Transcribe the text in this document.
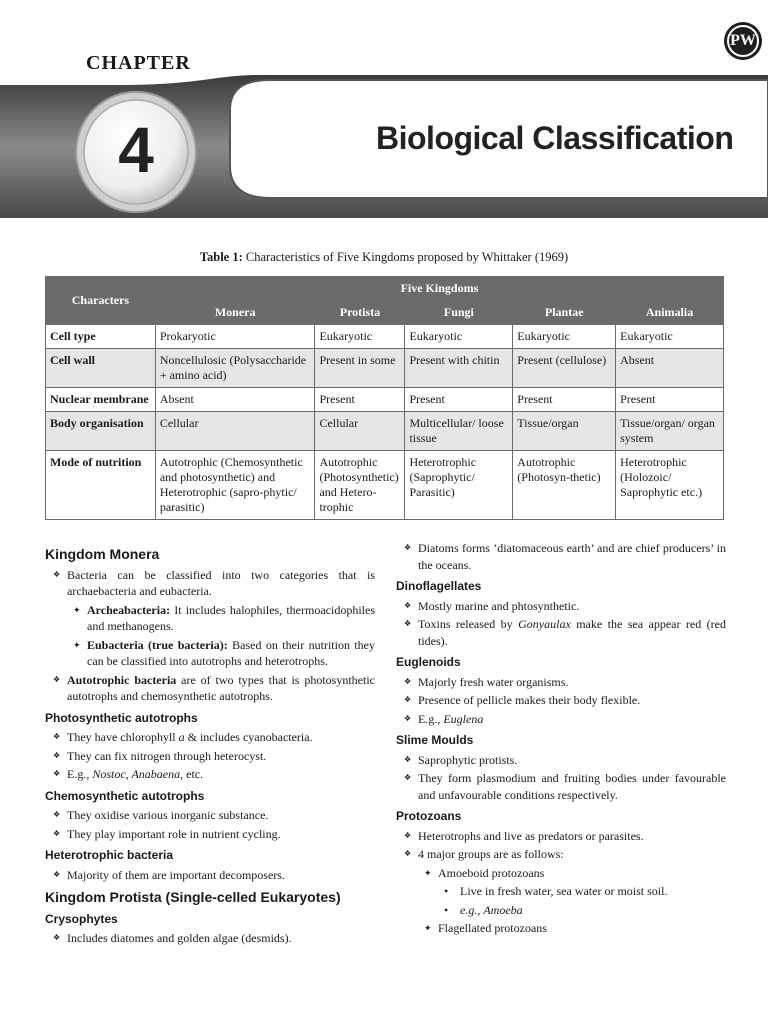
CHAPTER
PW
4	Biological Classification
Table 1: Characteristics of Five Kingdoms proposed by Whittaker (1969)
Characters	Five Kingdoms				
	Monera	Protista	Fungi	Plantae	Animalia
Cell type	Prokaryotic	Eukaryotic	Eukaryotic	Eukaryotic	Eukaryotic
Cell wall	Noncellulosic (Polysaccharide + amino acid)	Present in some	Present with chitin	Present (cellulose)	Absent
Nuclear membrane	Absent	Present	Present	Present	Present
Body organisation	Cellular	Cellular	Multicellular/ loose tissue	Tissue/organ	Tissue/organ/ organ system
Mode of nutrition	Autotrophic (Chemosynthetic and photosynthetic) and Heterotrophic (sapro-phytic/ parasitic)	Autotrophic (Photosynthetic) and Hetero-trophic	Heterotrophic (Saprophytic/ Parasitic)	Autotrophic (Photosyn-thetic)	Heterotrophic (Holozoic/ Saprophytic etc.)
Kingdom Monera
❖ Bacteria can be classified into two categories that is archaebacteria and eubacteria.
✦ Archeabacteria: It includes halophiles, thermoacidophiles and methanogens.
✦ Eubacteria (true bacteria): Based on their nutrition they can be classified into autotrophs and heterotrophs.
❖ Autotrophic bacteria are of two types that is photosynthetic autotrophs and chemosynthetic autotrophs.
Photosynthetic autotrophs
❖ They have chlorophyll a & includes cyanobacteria.
❖ They can fix nitrogen through heterocyst.
❖ E.g., Nostoc, Anabaena, etc.
Chemosynthetic autotrophs
❖ They oxidise various inorganic substance.
❖ They play important role in nutrient cycling.
Heterotrophic bacteria
❖ Majority of them are important decomposers.
Kingdom Protista (Single-celled Eukaryotes)
Crysophytes
❖ Includes diatomes and golden algae (desmids).
❖ Diatoms forms ’diatomaceous earth’ and are chief producers’ in the oceans.
Dinoflagellates
❖ Mostly marine and phtosynthetic.
❖ Toxins released by Gonyaulax make the sea appear red (red tides).
Euglenoids
❖ Majorly fresh water organisms.
❖ Presence of pellicle makes their body flexible.
❖ E.g., Euglena
Slime Moulds
❖ Saprophytic protists.
❖ They form plasmodium and fruiting bodies under favourable and unfavourable conditions respectively.
Protozoans
❖ Heterotrophs and live as predators or parasites.
❖ 4 major groups are as follows:
✦ Amoeboid protozoans
• Live in fresh water, sea water or moist soil.
• e.g., Amoeba
✦ Flagellated protozoans
